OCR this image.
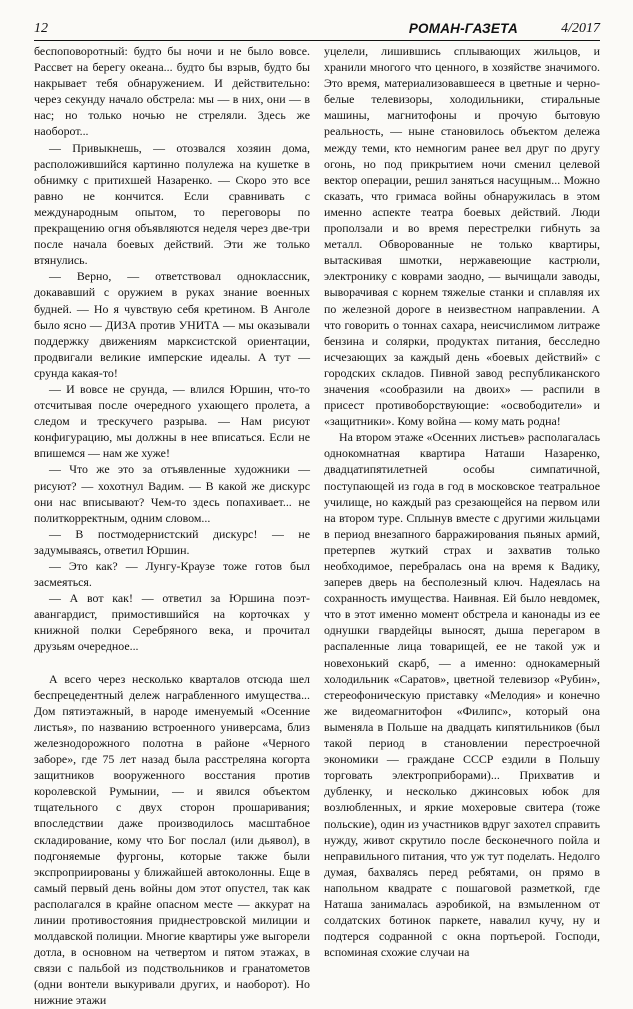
12	РОМАН-ГАЗЕТА	4/2017

беспоповоротный: будто бы ночи и не было вовсе. Рассвет на берегу океана... будто бы взрыв, будто бы накрывает тебя обнаружением. И действительно: через секунду начало обстрела: мы — в них, они — в нас; но только ночью не стреляли. Здесь же наоборот...

— Привыкнешь, — отозвался хозяин дома, расположившийся картинно полулежа на кушетке в обнимку с притихшей Назаренко. — Скоро это все равно не кончится. Если сравнивать с международным опытом, то переговоры по прекращению огня объявляются неделя через две-три после начала боевых действий. Эти же только втянулись.

— Верно, — ответствовал одноклассник, докававший с оружием в руках знание военных будней. — Но я чувствую себя кретином. В Анголе было ясно — ДИЗА против УНИТА — мы оказывали поддержку движениям марксистской ориентации, продвигали великие имперские идеалы. А тут — срунда какая-то!

— И вовсе не срунда, — влился Юршин, что-то отсчитывая после очередного ухающего пролета, а следом и трескучего разрыва. — Нам рисуют конфигурацию, мы должны в нее вписаться. Если не впишемся — нам же хуже!

— Что же это за отъявленные художники — рисуют? — хохотнул Вадим. — В какой же дискурс они нас вписывают? Чем-то здесь попахивает... не политкорректным, одним словом...

— В постмодернистский дискурс! — не задумываясь, ответил Юршин.

— Это как? — Лунгу-Краузе тоже готов был засмеяться.

— А вот как! — ответил за Юршина поэт-авангардист, примостившийся на корточках у книжной полки Серебряного века, и прочитал друзьям очередное...

А всего через несколько кварталов отсюда шел беспрецедентный дележ награбленного имущества... Дом пятиэтажный, в народе именуемый «Осенние листья», по названию встроенного универсама, близ железнодорожного полотна в районе «Черного заборе», где 75 лет назад была расстреляна когорта защитников вооруженного восстания против королевской Румынии, — и явился объектом тщательного с двух сторон прошаривания; впоследствии даже производилось масштабное складирование, кому что Бог послал (или дьявол), в подгоняемые фургоны, которые также были экспроприированы у ближайшей автоколонны. Еще в самый первый день войны дом этот опустел, так как располагался в крайне опасном месте — аккурат на линии противостояния приднестровской милиции и молдавской полиции. Многие квартиры уже выгорели дотла, в основном на четвертом и пятом этажах, в связи с пальбой из подствольников и гранатометов (одни вонтели выкуривали других, и наоборот). Но нижние этажи

уцелели, лишившись сплывающих жильцов, и хранили многого что ценного, в хозяйстве значимого. Это время, материализовавшееся в цветные и черно-белые телевизоры, холодильники, стиральные машины, магнитофоны и прочую бытовую реальность, — ныне становилось объектом дележа между теми, кто немногим ранее вел друг по другу огонь, но под прикрытием ночи сменил целевой вектор операции, решил заняться насущным... Можно сказать, что гримаса войны обнаружилась в этом именно аспекте театра боевых действий. Люди проползали и во время перестрелки гибнуть за металл. Обворованные не только квартиры, вытаскивая шмотки, нержавеющие кастрюли, электронику с коврами заодно, — вычищали заводы, выворачивая с корнем тяжелые станки и сплавляя их по железной дороге в неизвестном направлении. А что говорить о тоннах сахара, неисчислимом литраже бензина и солярки, продуктах питания, бесследно исчезающих за каждый день «боевых действий» с городских складов. Пивной завод республиканского значения «сообразили на двоих» — распили в присест противоборствующие: «освободители» и «защитники». Кому война — кому мать родна!

На втором этаже «Осенних листьев» располагалась однокомнатная квартира Наташи Назаренко, двадцатипятилетней особы симпатичной, поступающей из года в год в московское театральное училище, но каждый раз срезающейся на первом или на втором туре. Сплынув вместе с другими жильцами в период внезапного барражирования пьяных армий, претерпев жуткий страх и захватив только необходимое, перебралась она на время к Вадику, заперев дверь на бесполезный ключ. Надеялась на сохранность имущества. Наивная. Ей было невдомек, что в этот именно момент обстрела и канонады из ее однушки гвардейцы выносят, дыша перегаром в распаленные лица товарищей, ее не такой уж и новехонький скарб, — а именно: однокамерный холодильник «Саратов», цветной телевизор «Рубин», стереофоническую приставку «Мелодия» и конечно же видеомагнитофон «Филипс», который она выменяла в Польше на двадцать кипятильников (был такой период в становлении перестроечной экономики — граждане СССР ездили в Польшу торговать электроприборами)... Прихватив и дубленку, и несколько джинсовых юбок для возлюбленных, и яркие мохеровые свитера (тоже польские), один из участников вдруг захотел справить нужду, живот скрутило после бесконечного пойла и неправильного питания, что уж тут поделать. Недолго думая, бахвалясь перед ребятами, он прямо в напольном квадрате с пошаговой разметкой, где Наташа занималась аэробикой, на взмыленном от солдатских ботинок паркете, навалил кучу, ну и подтерся содранной с окна портьерой. Господи, вспоминая схожие случаи на
